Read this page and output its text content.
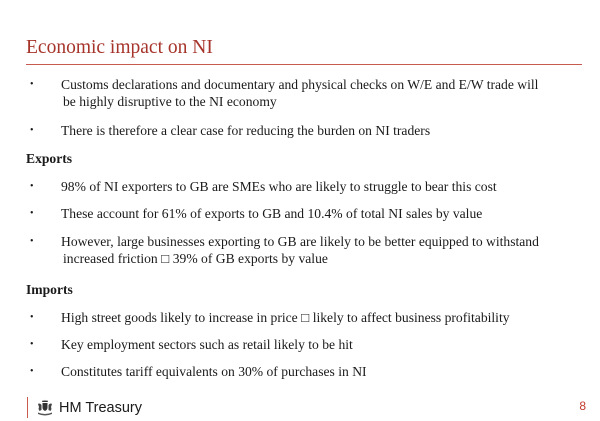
Economic impact on NI
• Customs declarations and documentary and physical checks on W/E and E/W trade will
be highly disruptive to the NI economy
• There is therefore a clear case for reducing the burden on NI traders
Exports
• 98% of NI exporters to GB are SMEs who are likely to struggle to bear this cost
• These account for 61% of exports to GB and 10.4% of total NI sales by value
• However, large businesses exporting to GB are likely to be better equipped to withstand
increased friction □ 39% of GB exports by value
Imports
• High street goods likely to increase in price □ likely to affect business profitability
• Key employment sectors such as retail likely to be hit
• Constitutes tariff equivalents on 30% of purchases in NI
HM Treasury	8
